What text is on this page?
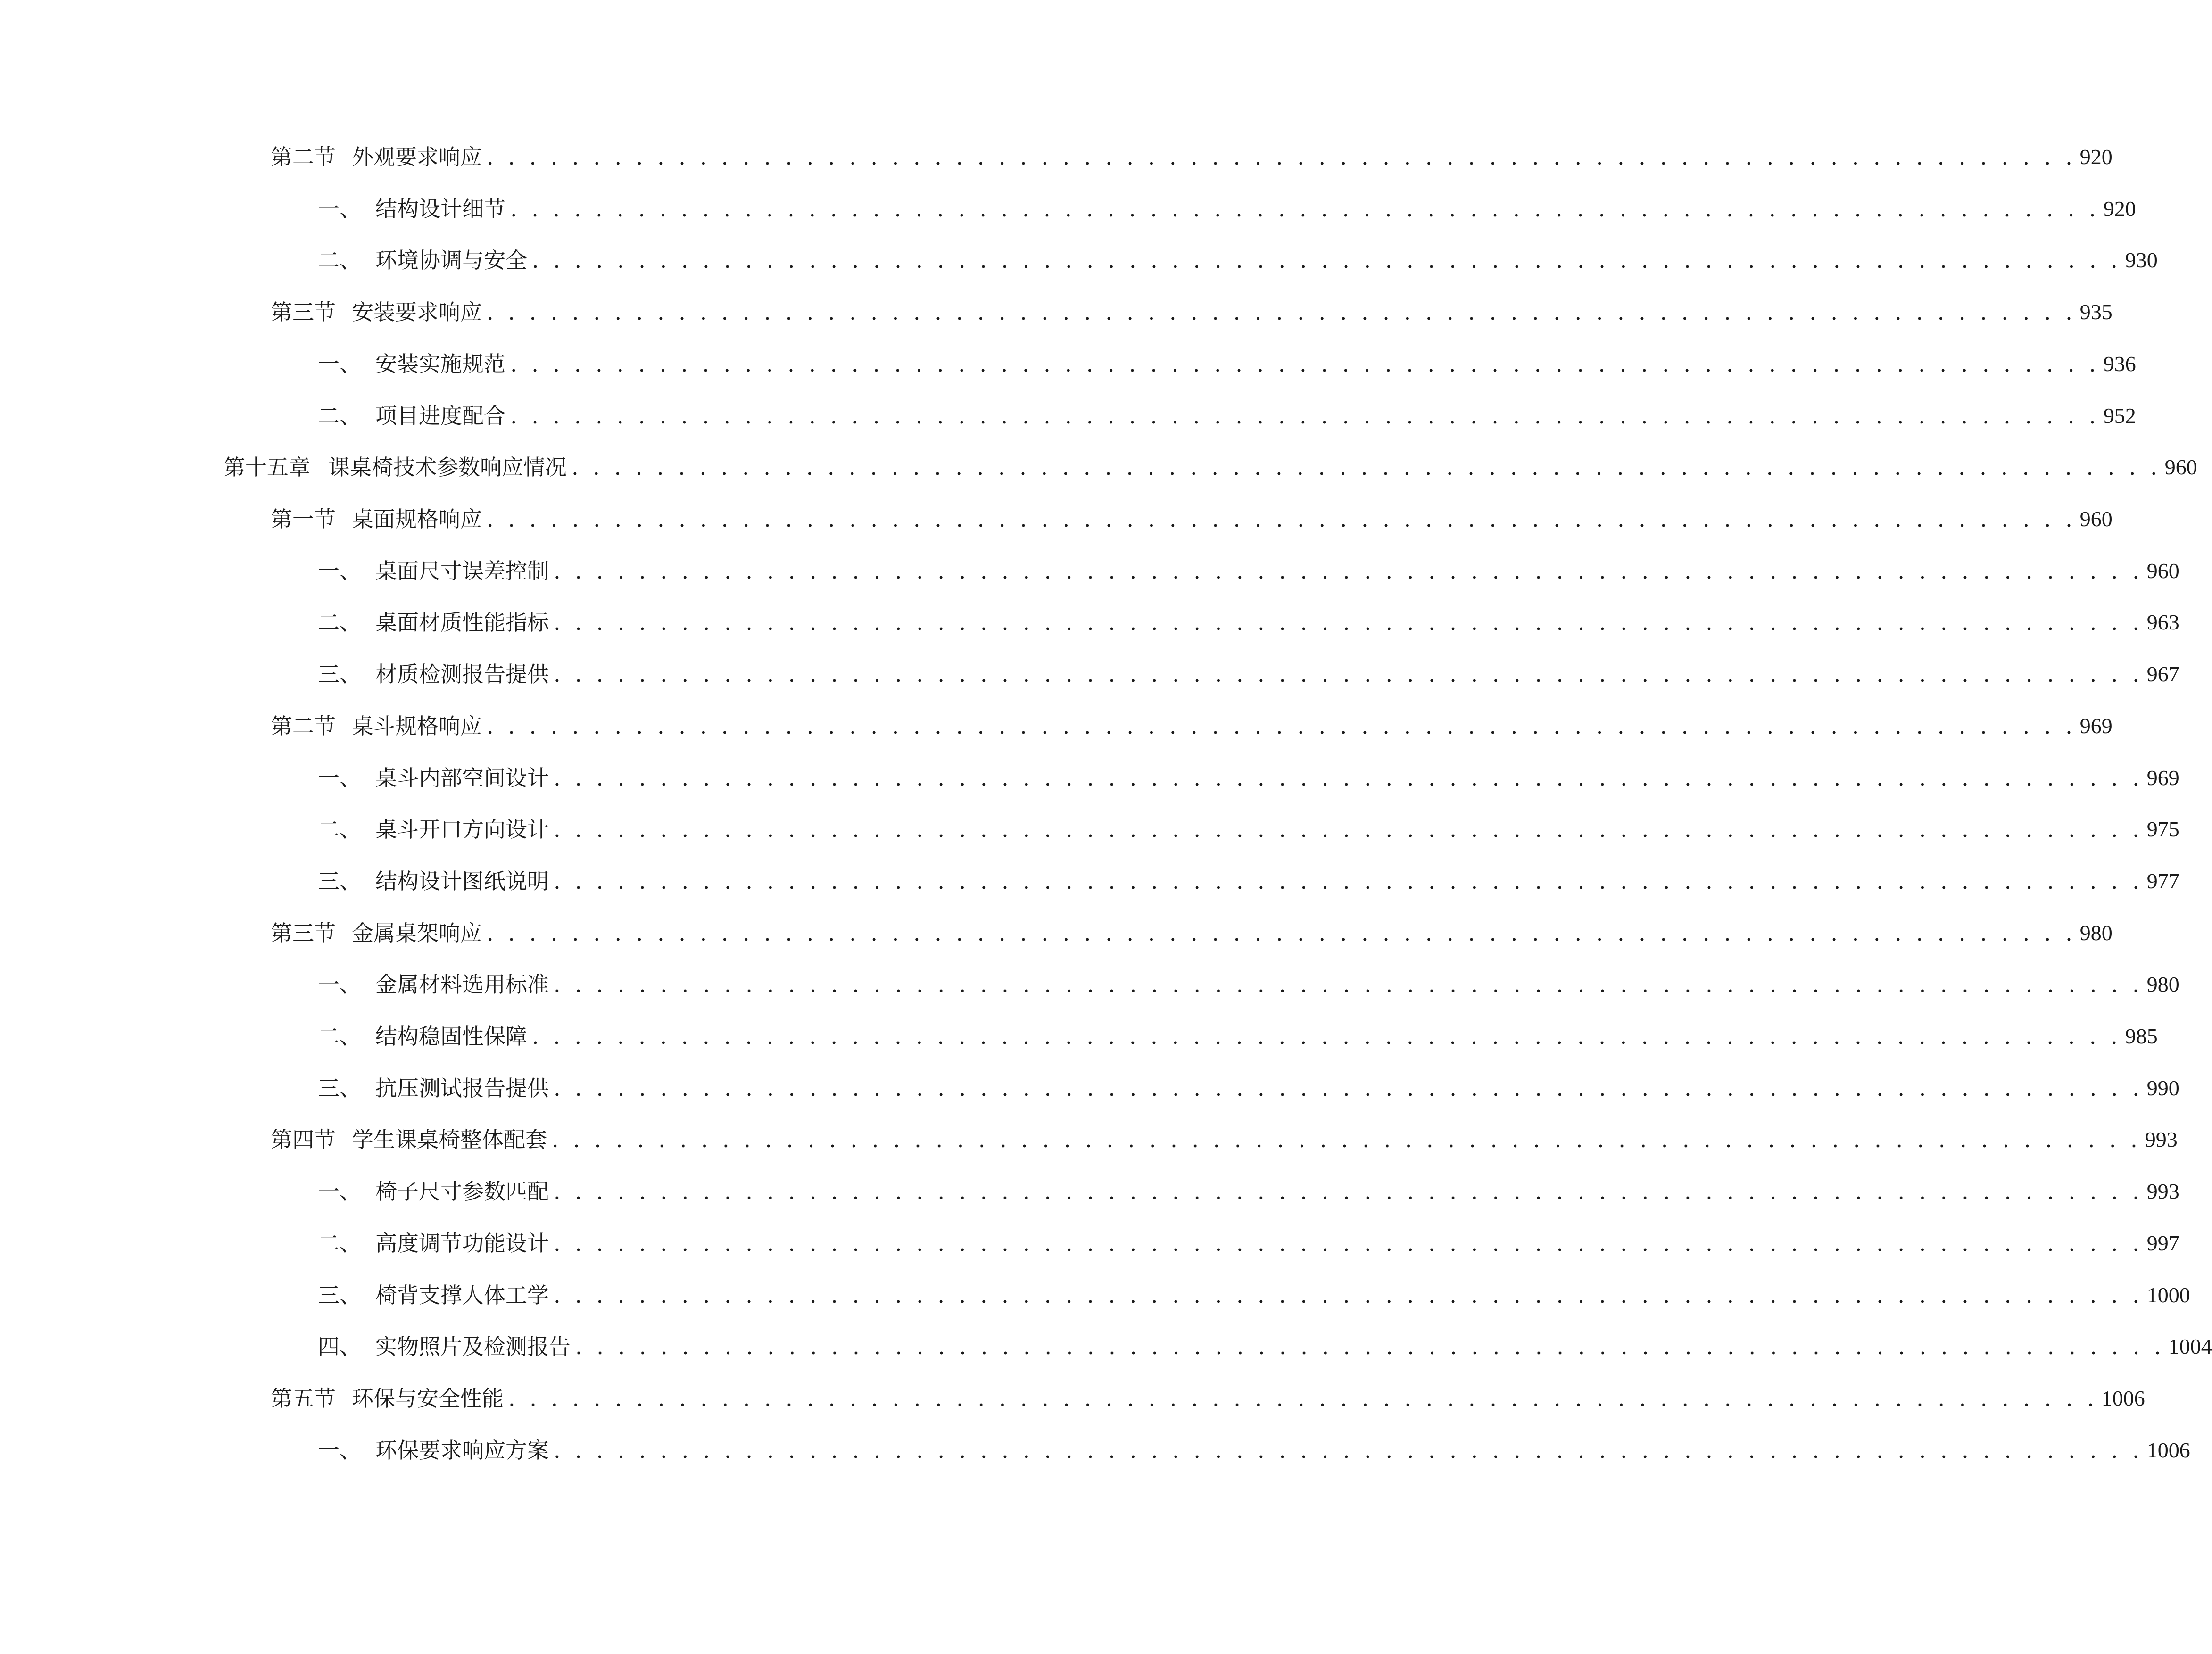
第二节 外观要求响应 . . . . . . . . . . . . . . . . . . . . . . . . . . . . . . . . . . . . . . . . . . . . . . . . . . . . . . . . . . . . . . . . . . . . . . . . . . . 920
一、 结构设计细节 . . . . . . . . . . . . . . . . . . . . . . . . . . . . . . . . . . . . . . . . . . . . . . . . . . . . . . . . . . . . . . . . . . . . . . . . . . . 920
二、 环境协调与安全 . . . . . . . . . . . . . . . . . . . . . . . . . . . . . . . . . . . . . . . . . . . . . . . . . . . . . . . . . . . . . . . . . . . . . . . . . . . 930
第三节 安装要求响应 . . . . . . . . . . . . . . . . . . . . . . . . . . . . . . . . . . . . . . . . . . . . . . . . . . . . . . . . . . . . . . . . . . . . . . . . . . . 935
一、 安装实施规范 . . . . . . . . . . . . . . . . . . . . . . . . . . . . . . . . . . . . . . . . . . . . . . . . . . . . . . . . . . . . . . . . . . . . . . . . . . . 936
二、 项目进度配合 . . . . . . . . . . . . . . . . . . . . . . . . . . . . . . . . . . . . . . . . . . . . . . . . . . . . . . . . . . . . . . . . . . . . . . . . . . . 952
第十五章 课桌椅技术参数响应情况 . . . . . . . . . . . . . . . . . . . . . . . . . . . . . . . . . . . . . . . . . . . . . . . . . . . . . . . . . . . . . . . . . . . . . . . . . . . 960
第一节 桌面规格响应 . . . . . . . . . . . . . . . . . . . . . . . . . . . . . . . . . . . . . . . . . . . . . . . . . . . . . . . . . . . . . . . . . . . . . . . . . . . 960
一、 桌面尺寸误差控制 . . . . . . . . . . . . . . . . . . . . . . . . . . . . . . . . . . . . . . . . . . . . . . . . . . . . . . . . . . . . . . . . . . . . . . . . . . . 960
二、 桌面材质性能指标 . . . . . . . . . . . . . . . . . . . . . . . . . . . . . . . . . . . . . . . . . . . . . . . . . . . . . . . . . . . . . . . . . . . . . . . . . . . 963
三、 材质检测报告提供 . . . . . . . . . . . . . . . . . . . . . . . . . . . . . . . . . . . . . . . . . . . . . . . . . . . . . . . . . . . . . . . . . . . . . . . . . . . 967
第二节 桌斗规格响应 . . . . . . . . . . . . . . . . . . . . . . . . . . . . . . . . . . . . . . . . . . . . . . . . . . . . . . . . . . . . . . . . . . . . . . . . . . . 969
一、 桌斗内部空间设计 . . . . . . . . . . . . . . . . . . . . . . . . . . . . . . . . . . . . . . . . . . . . . . . . . . . . . . . . . . . . . . . . . . . . . . . . . . . 969
二、 桌斗开口方向设计 . . . . . . . . . . . . . . . . . . . . . . . . . . . . . . . . . . . . . . . . . . . . . . . . . . . . . . . . . . . . . . . . . . . . . . . . . . . 975
三、 结构设计图纸说明 . . . . . . . . . . . . . . . . . . . . . . . . . . . . . . . . . . . . . . . . . . . . . . . . . . . . . . . . . . . . . . . . . . . . . . . . . . . 977
第三节 金属桌架响应 . . . . . . . . . . . . . . . . . . . . . . . . . . . . . . . . . . . . . . . . . . . . . . . . . . . . . . . . . . . . . . . . . . . . . . . . . . . 980
一、 金属材料选用标准 . . . . . . . . . . . . . . . . . . . . . . . . . . . . . . . . . . . . . . . . . . . . . . . . . . . . . . . . . . . . . . . . . . . . . . . . . . . 980
二、 结构稳固性保障 . . . . . . . . . . . . . . . . . . . . . . . . . . . . . . . . . . . . . . . . . . . . . . . . . . . . . . . . . . . . . . . . . . . . . . . . . . . 985
三、 抗压测试报告提供 . . . . . . . . . . . . . . . . . . . . . . . . . . . . . . . . . . . . . . . . . . . . . . . . . . . . . . . . . . . . . . . . . . . . . . . . . . . 990
第四节 学生课桌椅整体配套 . . . . . . . . . . . . . . . . . . . . . . . . . . . . . . . . . . . . . . . . . . . . . . . . . . . . . . . . . . . . . . . . . . . . . . . . . . . 993
一、 椅子尺寸参数匹配 . . . . . . . . . . . . . . . . . . . . . . . . . . . . . . . . . . . . . . . . . . . . . . . . . . . . . . . . . . . . . . . . . . . . . . . . . . . 993
二、 高度调节功能设计 . . . . . . . . . . . . . . . . . . . . . . . . . . . . . . . . . . . . . . . . . . . . . . . . . . . . . . . . . . . . . . . . . . . . . . . . . . . 997
三、 椅背支撑人体工学 . . . . . . . . . . . . . . . . . . . . . . . . . . . . . . . . . . . . . . . . . . . . . . . . . . . . . . . . . . . . . . . . . . . . . . . . . . . 1000
四、 实物照片及检测报告 . . . . . . . . . . . . . . . . . . . . . . . . . . . . . . . . . . . . . . . . . . . . . . . . . . . . . . . . . . . . . . . . . . . . . . . . . . . 1004
第五节 环保与安全性能 . . . . . . . . . . . . . . . . . . . . . . . . . . . . . . . . . . . . . . . . . . . . . . . . . . . . . . . . . . . . . . . . . . . . . . . . . . . 1006
一、 环保要求响应方案 . . . . . . . . . . . . . . . . . . . . . . . . . . . . . . . . . . . . . . . . . . . . . . . . . . . . . . . . . . . . . . . . . . . . . . . . . . . 1006
